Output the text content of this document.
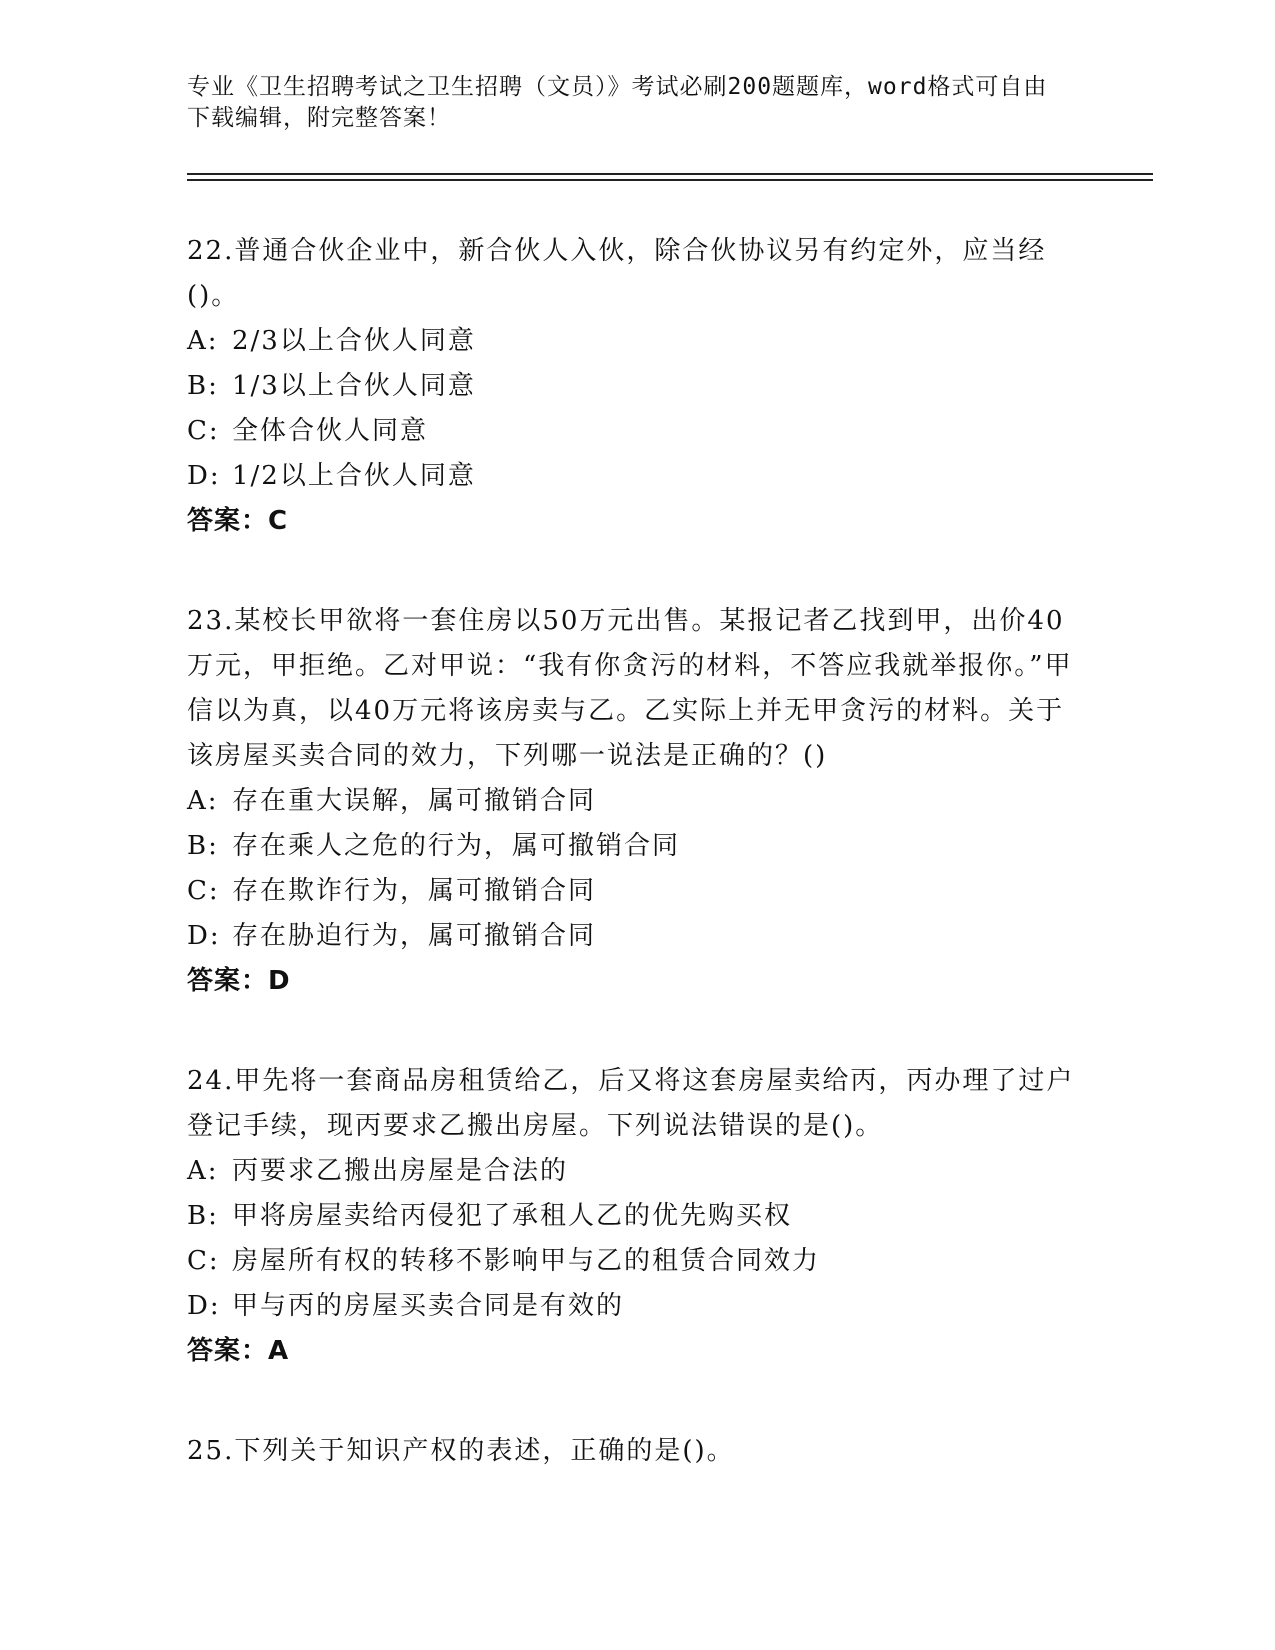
专业《卫生招聘考试之卫生招聘（文员）》考试必刷200题题库，word格式可自由下载编辑，附完整答案！

22.普通合伙企业中，新合伙人入伙，除合伙协议另有约定外，应当经()。

A: 2/3以上合伙人同意

B: 1/3以上合伙人同意

C: 全体合伙人同意

D: 1/2以上合伙人同意

答案：C

23.某校长甲欲将一套住房以50万元出售。某报记者乙找到甲，出价40万元，甲拒绝。乙对甲说：“我有你贪污的材料，不答应我就举报你。”甲信以为真，以40万元将该房卖与乙。乙实际上并无甲贪污的材料。关于该房屋买卖合同的效力，下列哪一说法是正确的？()

A: 存在重大误解，属可撤销合同

B: 存在乘人之危的行为，属可撤销合同

C: 存在欺诈行为，属可撤销合同

D: 存在胁迫行为，属可撤销合同

答案：D

24.甲先将一套商品房租赁给乙，后又将这套房屋卖给丙，丙办理了过户登记手续，现丙要求乙搬出房屋。下列说法错误的是()。

A: 丙要求乙搬出房屋是合法的

B: 甲将房屋卖给丙侵犯了承租人乙的优先购买权

C: 房屋所有权的转移不影响甲与乙的租赁合同效力

D: 甲与丙的房屋买卖合同是有效的

答案：A

25.下列关于知识产权的表述，正确的是()。
